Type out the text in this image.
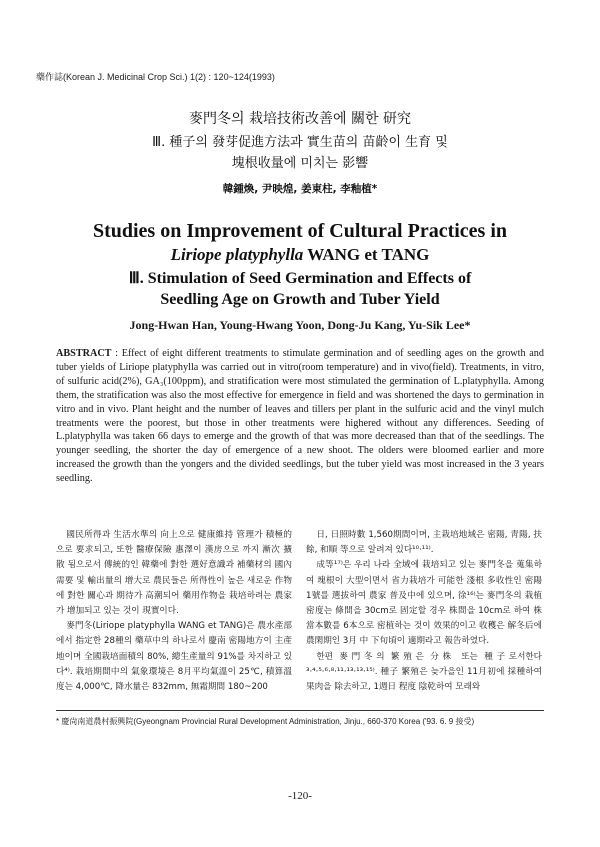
藥作誌(Korean J. Medicinal Crop Sci.) 1(2) : 120~124(1993)
麥門冬의 栽培技術改善에 關한 研究
Ⅲ. 種子의 發芽促進方法과 實生苗의 苗齡이 生育 및
塊根收量에 미치는 影響
韓鍾煥, 尹映煌, 姜東柱, 李釉植*
Studies on Improvement of Cultural Practices in
Liriope platyphylla WANG et TANG
Ⅲ. Stimulation of Seed Germination and Effects of
Seedling Age on Growth and Tuber Yield
Jong-Hwan Han, Young-Hwang Yoon, Dong-Ju Kang, Yu-Sik Lee*
ABSTRACT : Effect of eight different treatments to stimulate germination and of seedling ages on the growth and tuber yields of Liriope platyphylla was carried out in vitro(room temperature) and in vivo(field). Treatments, in vitro, of sulfuric acid(2%), GA₃(100ppm), and stratification were most stimulated the germination of L.platyphylla. Among them, the stratification was also the most effective for emergence in field and was shortened the days to germination in vitro and in vivo. Plant height and the number of leaves and tillers per plant in the sulfuric acid and the vinyl mulch treatments were the poorest, but those in other treatments were highered without any differences. Seeding of L.platyphylla was taken 66 days to emerge and the growth of that was more decreased than that of the seedlings. The younger seedling, the shorter the day of emergence of a new shoot. The olders were bloomed earlier and more increased the growth than the yongers and the divided seedlings, but the tuber yield was most increased in the 3 years seedling.

國民所得과 生活水準의 向上으로 健康維持 管理가 積極的으로 要求되고, 또한 醫療保險 惠澤이 漢房으로 까지 漸次 擴散 됨으로서 傳統的인 韓藥에 對한 選好意識과 補藥材의 國內 需要 및 輸出量의 增大로 農民들은 所得性이 높은 새로운 作物에 對한 關心과 期待가 高潮되어 藥用作物을 栽培하려는 農家가 增加되고 있는 것이 現實이다.

麥門冬(Liriope platyphylla WANG et TANG)은 農水產部에서 指定한 28種의 藥草中의 하나로서 慶南 密陽地方이 主產地이며 全國栽培面積의 80%, 總生產量의 91%를 차지하고 있다⁴⁾. 栽培期間中의 氣象環境은 8月平均氣溫이 25℃, 積算溫度는 4,000℃, 降水量은 832mm, 無霜期間 180~200

日, 日照時數 1,560期間이며, 主栽培地域은 密陽, 靑陽, 扶餘, 和順 等으로 알려져 있다¹⁰·¹¹⁾.

成等¹⁷⁾은 우리 나라 全域에 栽培되고 있는 麥門冬을 蒐集하여 塊根이 大型이면서 省力栽培가 可能한 淺根 多收性인 密陽 1號를 選拔하여 農家 普及中에 있으며, 徐¹⁶⁾는 麥門冬의 栽植密度는 條間을 30cm로 固定할 경우 株間을 10cm로 하여 株當本數를 6本으로 密植하는 것이 效果的이고 收穫은 解冬后에 農閑期인 3月 中 下旬頃이 適期라고 報告하였다.

한편 麥門冬의 繁殖은 分株 또는 種子로서한다³·⁴·⁵·⁶·⁸·¹¹·¹³·¹³·¹⁵⁾. 種子 繁殖은 늦가을인 11月初에 採種하여 果肉을 除去하고, 1週日 程度 陰乾하여 모래와

* 慶尙南道農村振興院(Gyeongnam Provincial Rural Development Administration, Jinju., 660-370 Korea ('93. 6. 9 接受)
-120-
